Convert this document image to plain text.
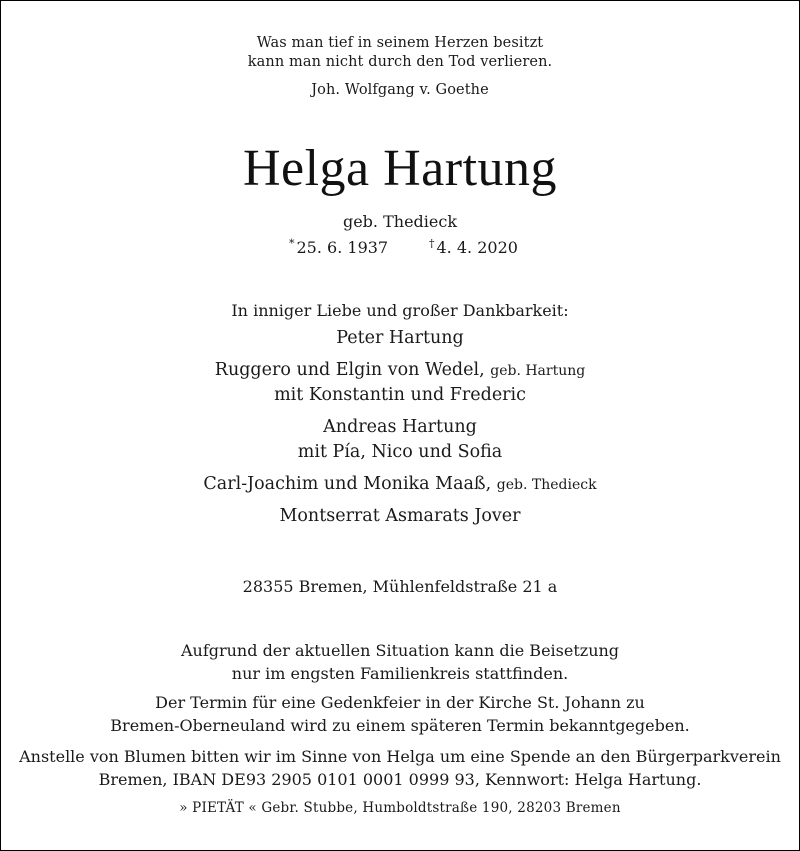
Was man tief in seinem Herzen besitzt
kann man nicht durch den Tod verlieren.
Joh. Wolfgang v. Goethe
Helga Hartung
geb. Thedieck
* 25. 6. 1937	† 4. 4. 2020
In inniger Liebe und großer Dankbarkeit:
Peter Hartung
Ruggero und Elgin von Wedel, geb. Hartung
mit Konstantin und Frederic
Andreas Hartung
mit Pía, Nico und Sofia
Carl-Joachim und Monika Maaß, geb. Thedieck
Montserrat Asmarats Jover
28355 Bremen, Mühlenfeldstraße 21 a
Aufgrund der aktuellen Situation kann die Beisetzung
nur im engsten Familienkreis stattfinden.
Der Termin für eine Gedenkfeier in der Kirche St. Johann zu
Bremen-Oberneuland wird zu einem späteren Termin bekanntgegeben.
Anstelle von Blumen bitten wir im Sinne von Helga um eine Spende an den Bürgerparkverein
Bremen, IBAN DE93 2905 0101 0001 0999 93, Kennwort: Helga Hartung.
» PIETÄT « Gebr. Stubbe, Humboldtstraße 190, 28203 Bremen
